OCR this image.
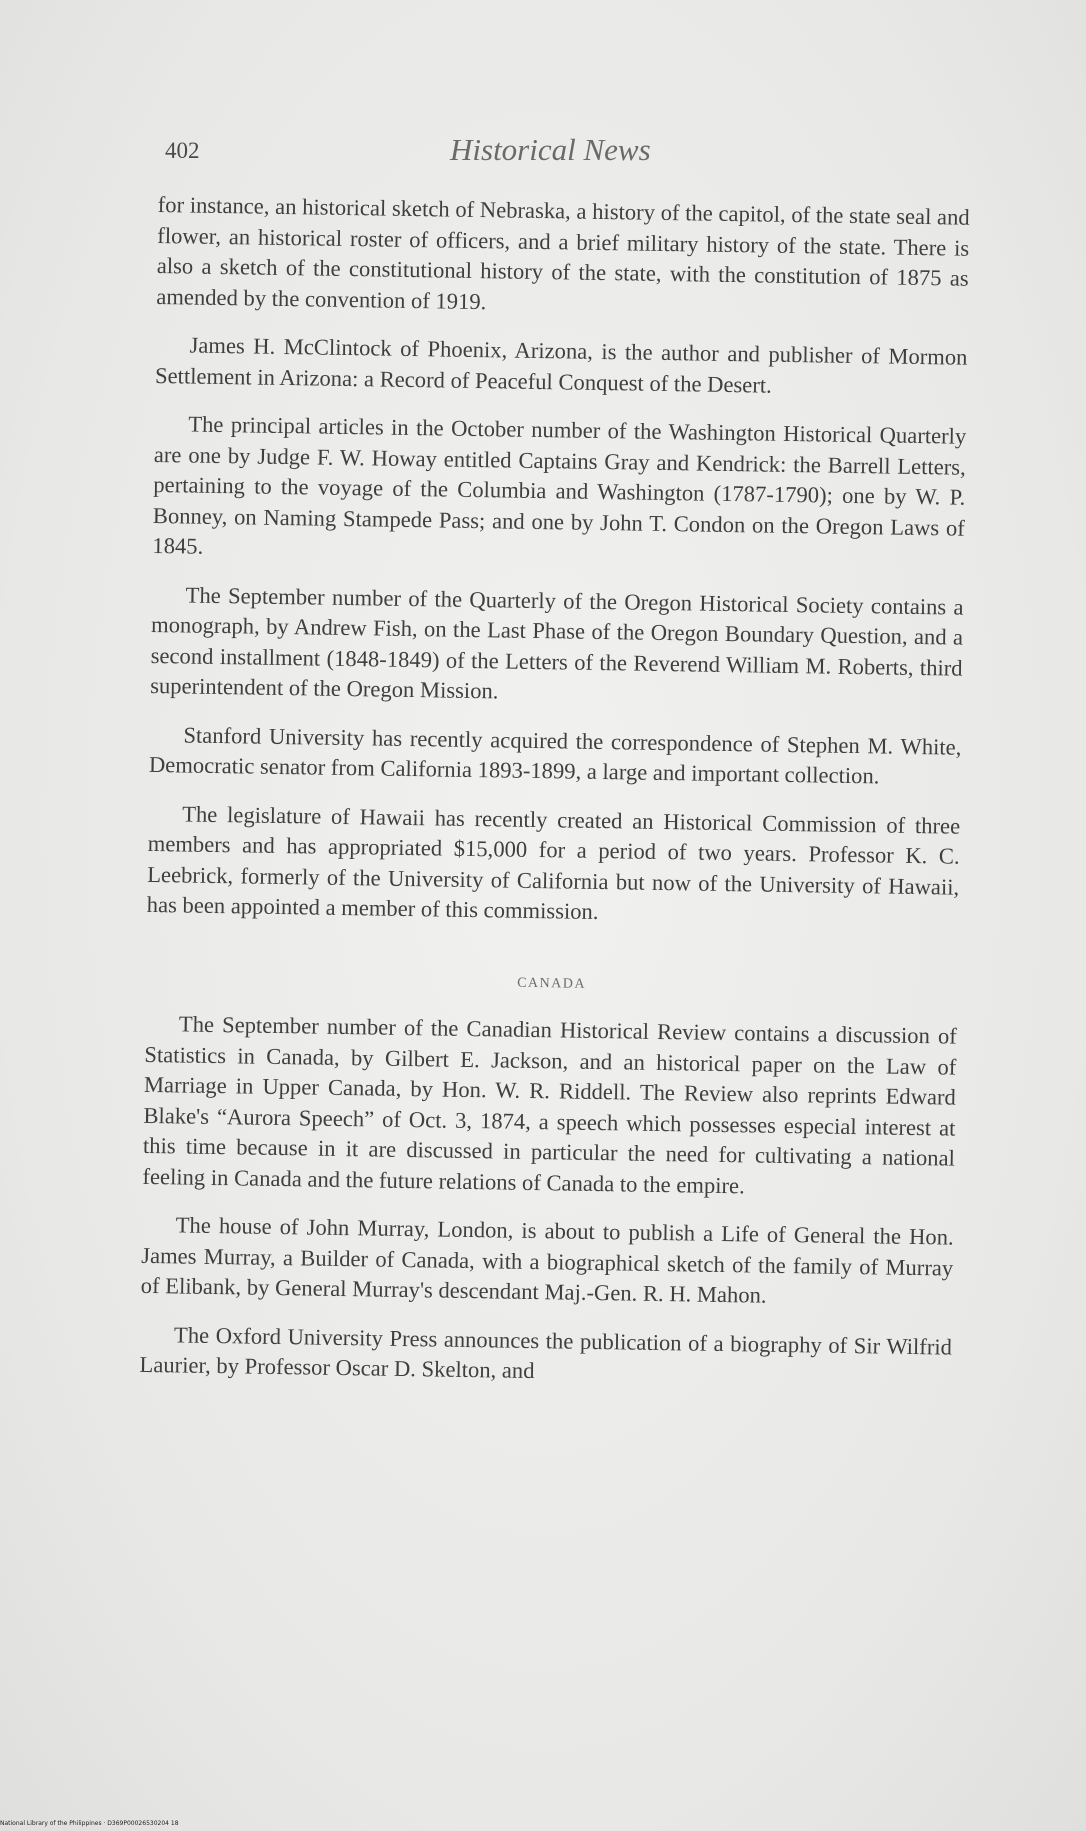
402	Historical News

for instance, an historical sketch of Nebraska, a history of the capitol, of the state seal and flower, an historical roster of officers, and a brief military history of the state. There is also a sketch of the constitutional history of the state, with the constitution of 1875 as amended by the convention of 1919.

James H. McClintock of Phoenix, Arizona, is the author and publisher of Mormon Settlement in Arizona: a Record of Peaceful Conquest of the Desert.

The principal articles in the October number of the Washington Historical Quarterly are one by Judge F. W. Howay entitled Captains Gray and Kendrick: the Barrell Letters, pertaining to the voyage of the Columbia and Washington (1787-1790); one by W. P. Bonney, on Naming Stampede Pass; and one by John T. Condon on the Oregon Laws of 1845.

The September number of the Quarterly of the Oregon Historical Society contains a monograph, by Andrew Fish, on the Last Phase of the Oregon Boundary Question, and a second installment (1848-1849) of the Letters of the Reverend William M. Roberts, third superintendent of the Oregon Mission.

Stanford University has recently acquired the correspondence of Stephen M. White, Democratic senator from California 1893-1899, a large and important collection.

The legislature of Hawaii has recently created an Historical Commission of three members and has appropriated $15,000 for a period of two years. Professor K. C. Leebrick, formerly of the University of California but now of the University of Hawaii, has been appointed a member of this commission.

CANADA

The September number of the Canadian Historical Review contains a discussion of Statistics in Canada, by Gilbert E. Jackson, and an historical paper on the Law of Marriage in Upper Canada, by Hon. W. R. Riddell. The Review also reprints Edward Blake's “Aurora Speech” of Oct. 3, 1874, a speech which possesses especial interest at this time because in it are discussed in particular the need for cultivating a national feeling in Canada and the future relations of Canada to the empire.

The house of John Murray, London, is about to publish a Life of General the Hon. James Murray, a Builder of Canada, with a biographical sketch of the family of Murray of Elibank, by General Murray's descendant Maj.-Gen. R. H. Mahon.

The Oxford University Press announces the publication of a biography of Sir Wilfrid Laurier, by Professor Oscar D. Skelton, and

National Library of the Philippines · D369P00026530204 18
